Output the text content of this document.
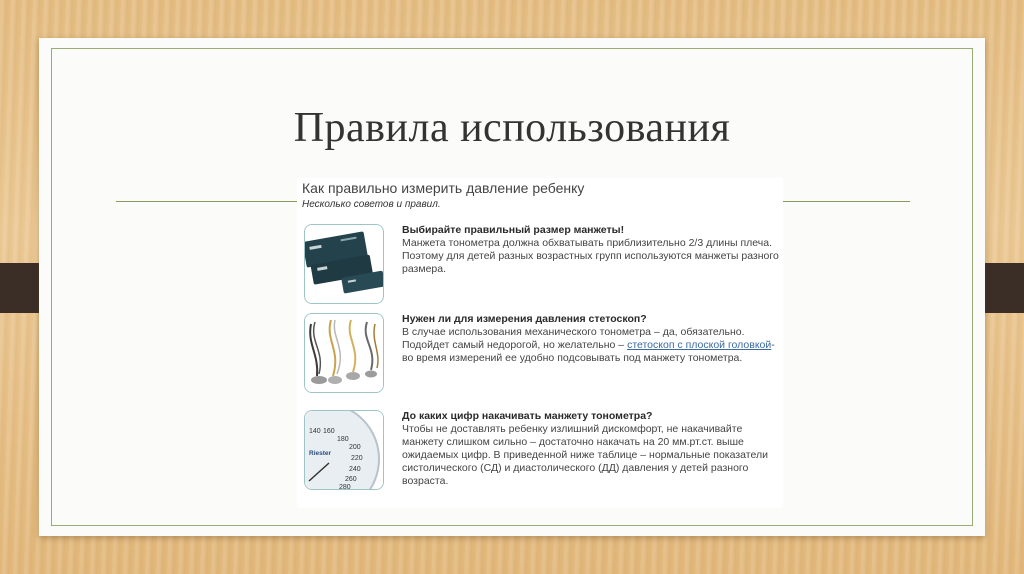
Правила использования
Как правильно измерить давление ребенку
Несколько советов и правил.
Выбирайте правильный размер манжеты!
Манжета тонометра должна обхватывать приблизительно 2/3 длины плеча. Поэтому для детей разных возрастных групп используются манжеты разного размера.
Нужен ли для измерения давления стетоскоп?
В случае использования механического тонометра – да, обязательно. Подойдет самый недорогой, но желательно – стетоскоп с плоской головкой- во время измерений ее удобно подсовывать под манжету тонометра.
140 160
180
200
Riester
220
240
260
280
До каких цифр накачивать манжету тонометра?
Чтобы не доставлять ребенку излишний дискомфорт, не накачивайте манжету слишком сильно – достаточно накачать на 20 мм.рт.ст. выше ожидаемых цифр. В приведенной ниже таблице – нормальные показатели систолического (СД) и диастолического (ДД) давления у детей разного возраста.
